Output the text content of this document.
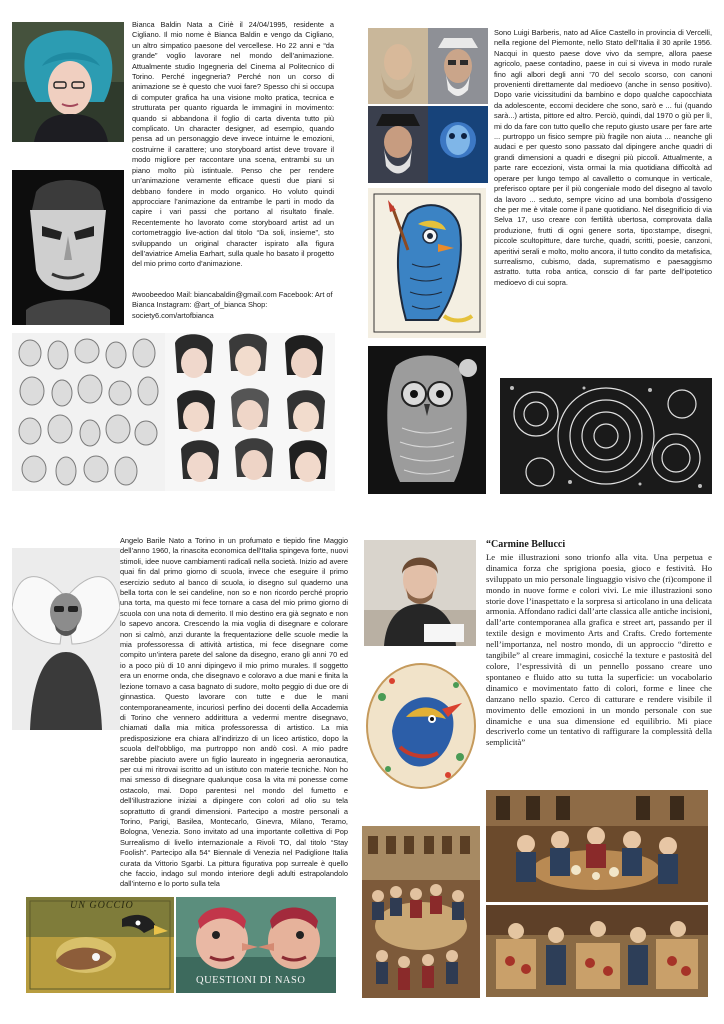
Bianca Baldin Nata a Ciriè il 24/04/1995, residente a Cigliano. Il mio nome è Bianca Baldin e vengo da Cigliano, un altro simpatico paesone del vercellese. Ho 22 anni e “da grande” voglio lavorare nel mondo dell’animazione. Attualmente studio Ingegneria del Cinema al Politecnico di Torino. Perché ingegneria? Perché non un corso di animazione se è questo che vuoi fare? Spesso chi si occupa di computer grafica ha una visione molto pratica, tecnica e strutturata per quanto riguarda le immagini in movimento: quando si abbandona il foglio di carta diventa tutto più complicato. Un character designer, ad esempio, quando pensa ad un personaggio deve invece intuirne le emozioni, costruirne il carattere; uno storyboard artist deve trovare il modo migliore per raccontare una scena, entrambi su un piano molto più istintuale. Penso che per rendere un’animazione veramente efficace questi due piani si debbano fondere in modo organico. Ho voluto quindi approcciare l’animazione da entrambe le parti in modo da capire i vari passi che portano al risultato finale. Recentemente ho lavorato come storyboard artist ad un cortometraggio live-action dal titolo “Da soli, insieme”, sto sviluppando un original character ispirato alla figura dell’aviatrice Amelia Earhart, sulla quale ho basato il progetto del mio primo corto d’animazione.
#woobeedoo Mail: biancabaldin@gmail.com Facebook: Art of Bianca Instagram: @art_of_bianca Shop: society6.com/artofbianca
Sono Luigi Barberis, nato ad Alice Castello in provincia di Vercelli, nella regione del Piemonte, nello Stato dell’Italia il 30 aprile 1956. Nacqui in questo paese dove vivo da sempre, allora paese agricolo, paese contadino, paese in cui si viveva in modo rurale fino agli albori degli anni ’70 del secolo scorso, con canoni provenienti direttamente dal medioevo (anche in senso positivo). Dopo varie vicissitudini da bambino e dopo qualche capocchiata da adolescente, eccomi decidere che sono, sarò e ... fui (quando sarà...) artista, pittore ed altro. Perciò, quindi, dal 1970 o giù per lì, mi do da fare con tutto quello che reputo giusto usare per fare arte ... purtroppo un fisico sempre più fragile non aiuta ... neanche gli audaci e per questo sono passato dal dipingere anche quadri di grandi dimensioni a quadri e disegni più piccoli. Attualmente, a parte rare eccezioni, vista ormai la mia quotidiana difficoltà ad operare per lungo tempo al cavalletto o comunque in verticale, preferisco optare per il più congeniale modo del disegno al tavolo da lavoro ... seduto, sempre vicino ad una bombola d’ossigeno che per me è vitale come il pane quotidiano. Nel disegnificio di via Selva 17, uso creare con fertilità ubertosa, comprovata dalla produzione, frutti di ogni genere sorta, tipo:stampe, disegni, piccole scultopitture, dare turche, quadri, scritti, poesie, canzoni, aperitivi serali e molto, molto ancora, il tutto condito da metafisica, surrealismo, cubismo, dada, suprematismo e paesaggismo astratto. tutta roba antica, conscio di far parte dell’ipotetico medioevo di cui sopra.
Angelo Barile Nato a Torino in un profumato e tiepido fine Maggio dell’anno 1960, la rinascita economica dell’Italia spingeva forte, nuovi stimoli, idee nuove cambiamenti radicali nella società. Inizio ad avere quai fin dal primo giorno di scuola, invece che eseguire il primo esercizio seduto al banco di scuola, io disegno sul quaderno una bella torta con le sei candeline, non so e non ricordo perché proprio una torta, ma questo mi fece tornare a casa del mio primo giorno di scuola con una nota di demerito. Il mio destino era già segnato e non lo sapevo ancora. Crescendo la mia voglia di disegnare e colorare non si calmò, anzi durante la frequentazione delle scuole medie la mia professoressa di attività artistica, mi fece disegnare come compito un’intera parete del salone da disegno, erano gli anni 70 ed io a poco più di 10 anni dipingevo il mio primo murales. Il soggetto era un enorme onda, che disegnavo e coloravo a due mani e finita la lezione tornavo a casa bagnato di sudore, molto peggio di due ore di ginnastica. Questo lavorare con tutte e due le mani contemporaneamente, incuriosì perfino dei docenti della Accademia di Torino che vennero addirittura a vedermi mentre disegnavo, chiamati dalla mia mitica professoressa di artistico. La mia predisposizione era chiara all’indirizzo di un liceo artistico, dopo la scuola dell’obbligo, ma purtroppo non andò così. A mio padre sarebbe piaciuto avere un figlio laureato in ingegneria aeronautica, per cui mi ritrovai iscritto ad un istituto con materie tecniche. Non ho mai smesso di disegnare qualunque cosa la vita mi ponesse come ostacolo, mai. Dopo parentesi nel mondo del fumetto e dell’illustrazione iniziai a dipingere con colori ad olio su tela soprattutto di grandi dimensioni. Partecipo a mostre personali a Torino, Parigi, Basilea, Montecarlo, Ginevra, Milano, Teramo, Bologna, Venezia. Sono invitato ad una importante collettiva di Pop Surrealismo di livello internazionale a Rivoli TO, dal titolo “Stay Foolish”. Partecipo alla 54° Biennale di Venezia nel Padiglione Italia curata da Vittorio Sgarbi. La pittura figurativa pop surreale è quello che faccio, indago sul mondo interiore degli adulti estrapolandolo dall’interno e lo porto sulla tela
UN GOCCIO
QUESTIONI DI NASO
“Carmine Bellucci
Le mie illustrazioni sono trionfo alla vita. Una perpetua e dinamica forza che sprigiona poesia, gioco e festività. Ho sviluppato un mio personale linguaggio visivo che (ri)compone il mondo in nuove forme e colori vivi. Le mie illustrazioni sono storie dove l’inaspettato e la sorpresa si articolano in una delicata armonia. Affondano radici dall’arte classica alle antiche incisioni, dall’arte contemporanea alla grafica e street art, passando per il textile design e movimento Arts and Crafts. Credo fortemente nell’importanza, nel nostro mondo, di un approccio “diretto e tangibile” al creare immagini, cosicché la texture e pastosità del colore, l’espressività di un pennello possano creare uno spontaneo e fluido atto su tutta la superficie: un vocabolario dinamico e movimentato fatto di colori, forme e linee che danzano nello spazio. Cerco di catturare e rendere visibile il movimento delle emozioni in un mondo personale con sue dinamiche e una sua dimensione ed equilibrio. Mi piace descriverlo come un tentativo di raffigurare la complessità della semplicità”
